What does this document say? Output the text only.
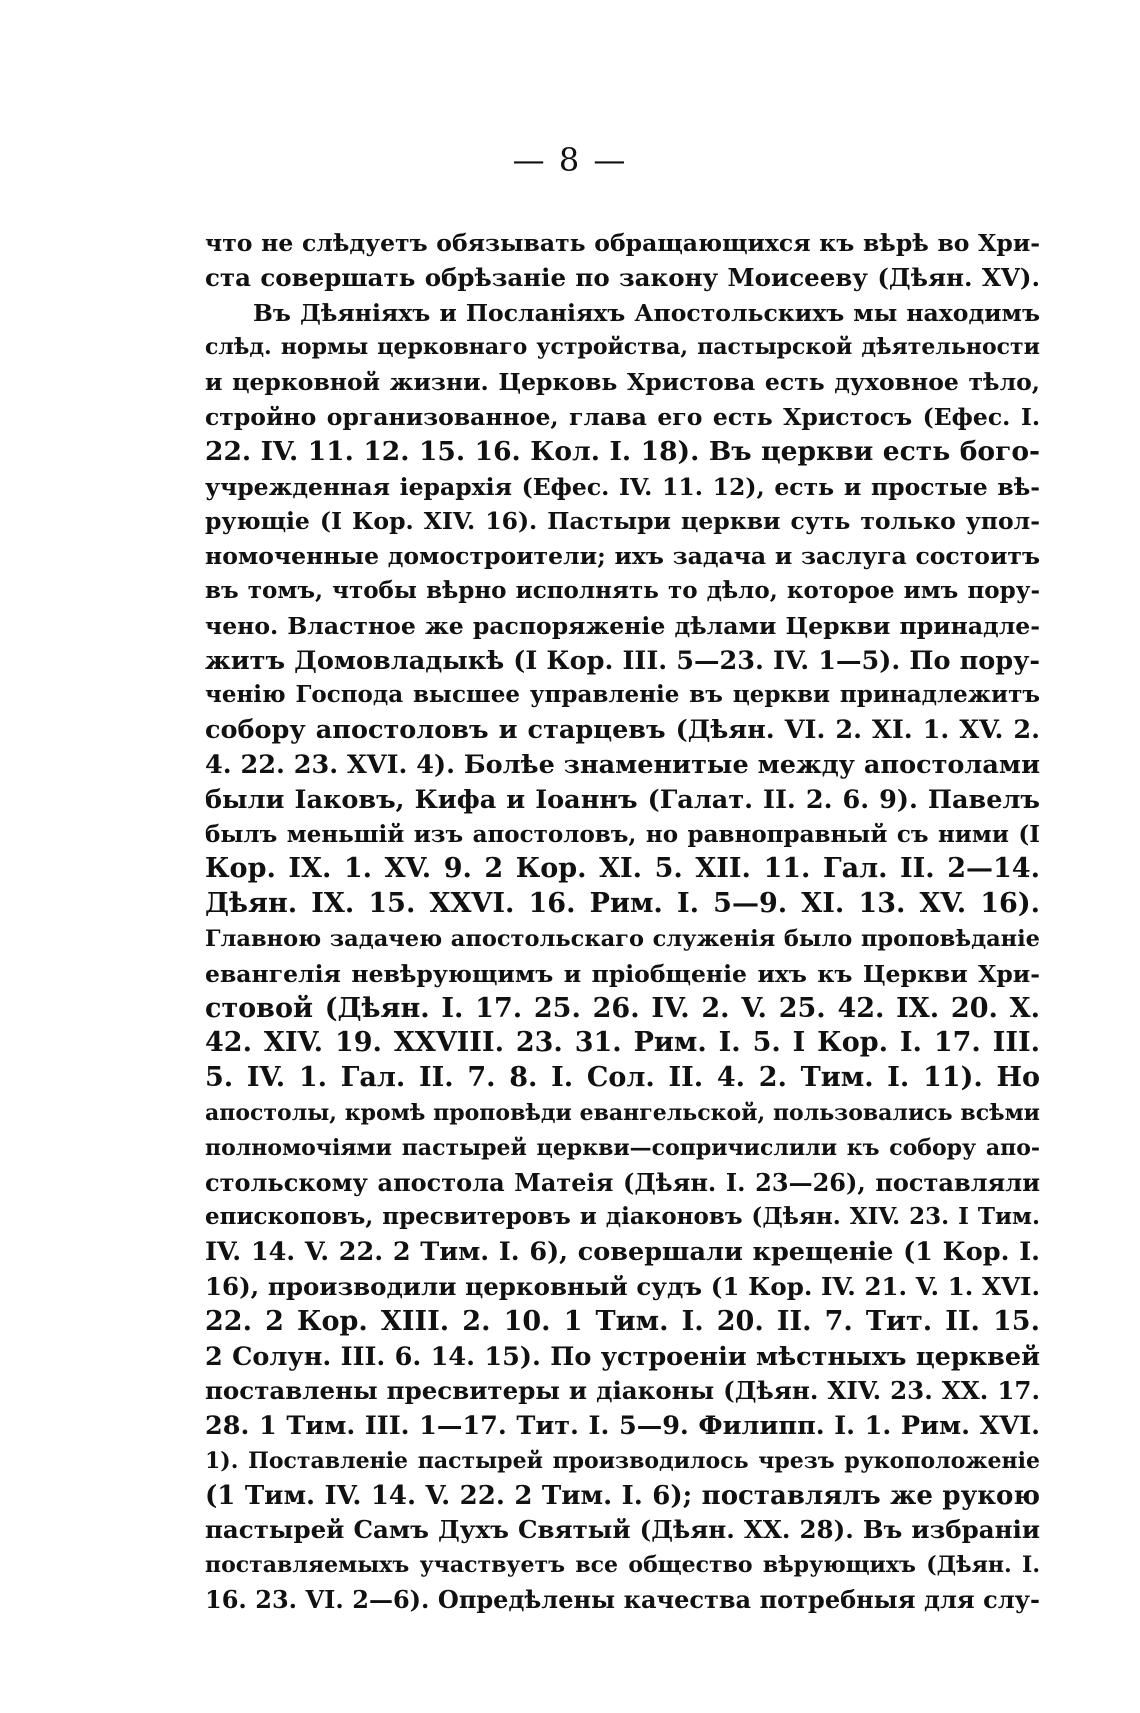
— 8 —
что не слѣдуетъ обязывать обращающихся къ вѣрѣ во Хри-
ста совершать обрѣзаніе по закону Моисееву (Дѣян. XV).
Въ Дѣяніяхъ и Посланіяхъ Апостольскихъ мы находимъ
слѣд. нормы церковнаго устройства, пастырской дѣятельности
и церковной жизни. Церковь Христова есть духовное тѣло,
стройно организованное, глава его есть Христосъ (Ефес. I.
22. IV. 11. 12. 15. 16. Кол. I. 18). Въ церкви есть бого-
учрежденная іерархія (Ефес. IV. 11. 12), есть и простые вѣ-
рующіе (I Кор. XIV. 16). Пастыри церкви суть только упол-
номоченные домостроители; ихъ задача и заслуга состоитъ
въ томъ, чтобы вѣрно исполнять то дѣло, которое имъ пору-
чено. Властное же распоряженіе дѣлами Церкви принадле-
житъ Домовладыкѣ (I Кор. III. 5—23. IV. 1—5). По пору-
ченію Господа высшее управленіе въ церкви принадлежитъ
собору апостоловъ и старцевъ (Дѣян. VI. 2. XI. 1. XV. 2.
4. 22. 23. XVI. 4). Болѣе знаменитые между апостолами
были Іаковъ, Кифа и Іоаннъ (Галат. II. 2. 6. 9). Павелъ
былъ меньшій изъ апостоловъ, но равноправный съ ними (I
Кор. IX. 1. XV. 9. 2 Кор. XI. 5. XII. 11. Гал. II. 2—14.
Дѣян. IX. 15. XXVI. 16. Рим. I. 5—9. XI. 13. XV. 16).
Главною задачею апостольскаго служенія было проповѣданіе
евангелія невѣрующимъ и пріобщеніе ихъ къ Церкви Хри-
стовой (Дѣян. I. 17. 25. 26. IV. 2. V. 25. 42. IX. 20. X.
42. XIV. 19. XXVIII. 23. 31. Рим. I. 5. I Кор. I. 17. III.
5. IV. 1. Гал. II. 7. 8. I. Сол. II. 4. 2. Тим. I. 11). Но
апостолы, кромѣ проповѣди евангельской, пользовались всѣми
полномочіями пастырей церкви—сопричислили къ собору апо-
стольскому апостола Матеія (Дѣян. I. 23—26), поставляли
епископовъ, пресвитеровъ и діаконовъ (Дѣян. XIV. 23. I Тим.
IV. 14. V. 22. 2 Тим. I. 6), совершали крещеніе (1 Кор. I.
16), производили церковный судъ (1 Кор. IV. 21. V. 1. XVI.
22. 2 Кор. XIII. 2. 10. 1 Тим. I. 20. II. 7. Тит. II. 15.
2 Солун. III. 6. 14. 15). По устроеніи мѣстныхъ церквей
поставлены пресвитеры и діаконы (Дѣян. XIV. 23. XX. 17.
28. 1 Тим. III. 1—17. Тит. I. 5—9. Филипп. I. 1. Рим. XVI.
1). Поставленіе пастырей производилось чрезъ рукоположеніе
(1 Тим. IV. 14. V. 22. 2 Тим. I. 6); поставлялъ же рукою
пастырей Самъ Духъ Святый (Дѣян. XX. 28). Въ избраніи
поставляемыхъ участвуетъ все общество вѣрующихъ (Дѣян. I.
16. 23. VI. 2—6). Опредѣлены качества потребныя для слу-
